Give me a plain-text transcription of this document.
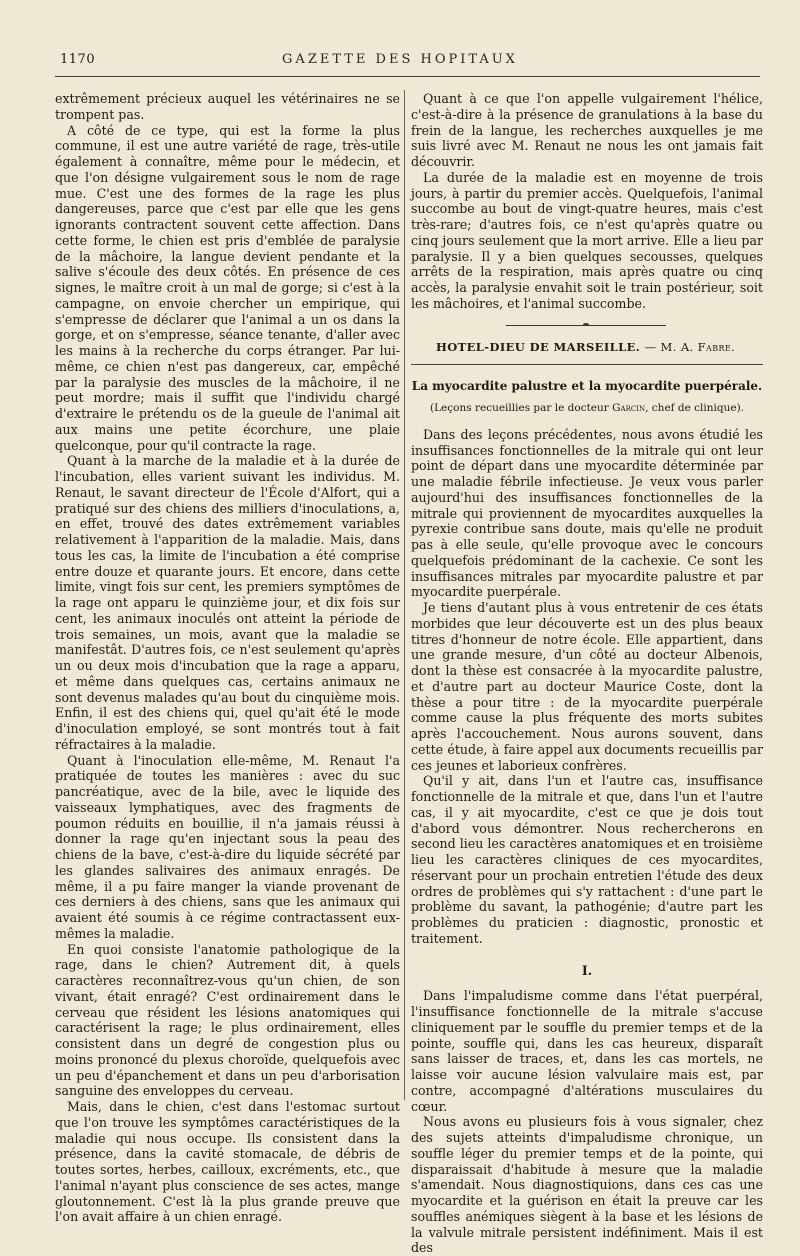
1170	GAZETTE DES HOPITAUX

extrêmement précieux auquel les vétérinaires ne se trompent pas.

A côté de ce type, qui est la forme la plus commune, il est une autre variété de rage, très-utile également à connaître, même pour le médecin, et que l'on désigne vulgairement sous le nom de rage mue. C'est une des formes de la rage les plus dangereuses, parce que c'est par elle que les gens ignorants contractent souvent cette affection. Dans cette forme, le chien est pris d'emblée de paralysie de la mâchoire, la langue devient pendante et la salive s'écoule des deux côtés. En présence de ces signes, le maître croit à un mal de gorge; si c'est à la campagne, on envoie chercher un empirique, qui s'empresse de déclarer que l'animal a un os dans la gorge, et on s'empresse, séance tenante, d'aller avec les mains à la recherche du corps étranger. Par lui-même, ce chien n'est pas dangereux, car, empêché par la paralysie des muscles de la mâchoire, il ne peut mordre; mais il suffit que l'individu chargé d'extraire le prétendu os de la gueule de l'animal ait aux mains une petite écorchure, une plaie quelconque, pour qu'il contracte la rage.

Quant à la marche de la maladie et à la durée de l'incubation, elles varient suivant les individus. M. Renaut, le savant directeur de l'École d'Alfort, qui a pratiqué sur des chiens des milliers d'inoculations, a, en effet, trouvé des dates extrêmement variables relativement à l'apparition de la maladie. Mais, dans tous les cas, la limite de l'incubation a été comprise entre douze et quarante jours. Et encore, dans cette limite, vingt fois sur cent, les premiers symptômes de la rage ont apparu le quinzième jour, et dix fois sur cent, les animaux inoculés ont atteint la période de trois semaines, un mois, avant que la maladie se manifestât. D'autres fois, ce n'est seulement qu'après un ou deux mois d'incubation que la rage a apparu, et même dans quelques cas, certains animaux ne sont devenus malades qu'au bout du cinquième mois. Enfin, il est des chiens qui, quel qu'ait été le mode d'inoculation employé, se sont montrés tout à fait réfractaires à la maladie.

Quant à l'inoculation elle-même, M. Renaut l'a pratiquée de toutes les manières : avec du suc pancréatique, avec de la bile, avec le liquide des vaisseaux lymphatiques, avec des fragments de poumon réduits en bouillie, il n'a jamais réussi à donner la rage qu'en injectant sous la peau des chiens de la bave, c'est-à-dire du liquide sécrété par les glandes salivaires des animaux enragés. De même, il a pu faire manger la viande provenant de ces derniers à des chiens, sans que les animaux qui avaient été soumis à ce régime contractassent eux-mêmes la maladie.

En quoi consiste l'anatomie pathologique de la rage, dans le chien? Autrement dit, à quels caractères reconnaîtrez-vous qu'un chien, de son vivant, était enragé? C'est ordinairement dans le cerveau que résident les lésions anatomiques qui caractérisent la rage; le plus ordinairement, elles consistent dans un degré de congestion plus ou moins prononcé du plexus choroïde, quelquefois avec un peu d'épanchement et dans un peu d'arborisation sanguine des enveloppes du cerveau.

Mais, dans le chien, c'est dans l'estomac surtout que l'on trouve les symptômes caractéristiques de la maladie qui nous occupe. Ils consistent dans la présence, dans la cavité stomacale, de débris de toutes sortes, herbes, cailloux, excréments, etc., que l'animal n'ayant plus conscience de ses actes, mange gloutonnement. C'est là la plus grande preuve que l'on avait affaire à un chien enragé.

Quant à ce que l'on appelle vulgairement l'hélice, c'est-à-dire à la présence de granulations à la base du frein de la langue, les recherches auxquelles je me suis livré avec M. Renaut ne nous les ont jamais fait découvrir.

La durée de la maladie est en moyenne de trois jours, à partir du premier accès. Quelquefois, l'animal succombe au bout de vingt-quatre heures, mais c'est très-rare; d'autres fois, ce n'est qu'après quatre ou cinq jours seulement que la mort arrive. Elle a lieu par paralysie. Il y a bien quelques secousses, quelques arrêts de la respiration, mais après quatre ou cinq accès, la paralysie envahit soit le train postérieur, soit les mâchoires, et l'animal succombe.

HOTEL-DIEU DE MARSEILLE. — M. A. Fabre.
La myocardite palustre et la myocardite puerpérale.
(Leçons recueillies par le docteur Garcin, chef de clinique).

Dans des leçons précédentes, nous avons étudié les insuffisances fonctionnelles de la mitrale qui ont leur point de départ dans une myocardite déterminée par une maladie fébrile infectieuse. Je veux vous parler aujourd'hui des insuffisances fonctionnelles de la mitrale qui proviennent de myocardites auxquelles la pyrexie contribue sans doute, mais qu'elle ne produit pas à elle seule, qu'elle provoque avec le concours quelquefois prédominant de la cachexie. Ce sont les insuffisances mitrales par myocardite palustre et par myocardite puerpérale.

Je tiens d'autant plus à vous entretenir de ces états morbides que leur découverte est un des plus beaux titres d'honneur de notre école. Elle appartient, dans une grande mesure, d'un côté au docteur Albenois, dont la thèse est consacrée à la myocardite palustre, et d'autre part au docteur Maurice Coste, dont la thèse a pour titre : de la myocardite puerpérale comme cause la plus fréquente des morts subites après l'accouchement. Nous aurons souvent, dans cette étude, à faire appel aux documents recueillis par ces jeunes et laborieux confrères.

Qu'il y ait, dans l'un et l'autre cas, insuffisance fonctionnelle de la mitrale et que, dans l'un et l'autre cas, il y ait myocardite, c'est ce que je dois tout d'abord vous démontrer. Nous rechercherons en second lieu les caractères anatomiques et en troisième lieu les caractères cliniques de ces myocardites, réservant pour un prochain entretien l'étude des deux ordres de problèmes qui s'y rattachent : d'une part le problème du savant, la pathogénie; d'autre part les problèmes du praticien : diagnostic, pronostic et traitement.

I.

Dans l'impaludisme comme dans l'état puerpéral, l'insuffisance fonctionnelle de la mitrale s'accuse cliniquement par le souffle du premier temps et de la pointe, souffle qui, dans les cas heureux, disparaît sans laisser de traces, et, dans les cas mortels, ne laisse voir aucune lésion valvulaire mais est, par contre, accompagné d'altérations musculaires du cœur.

Nous avons eu plusieurs fois à vous signaler, chez des sujets atteints d'impaludisme chronique, un souffle léger du premier temps et de la pointe, qui disparaissait d'habitude à mesure que la maladie s'amendait. Nous diagnostiquions, dans ces cas une myocardite et la guérison en était la preuve car les souffles anémiques siègent à la base et les lésions de la valvule mitrale persistent indéfiniment. Mais il est des
